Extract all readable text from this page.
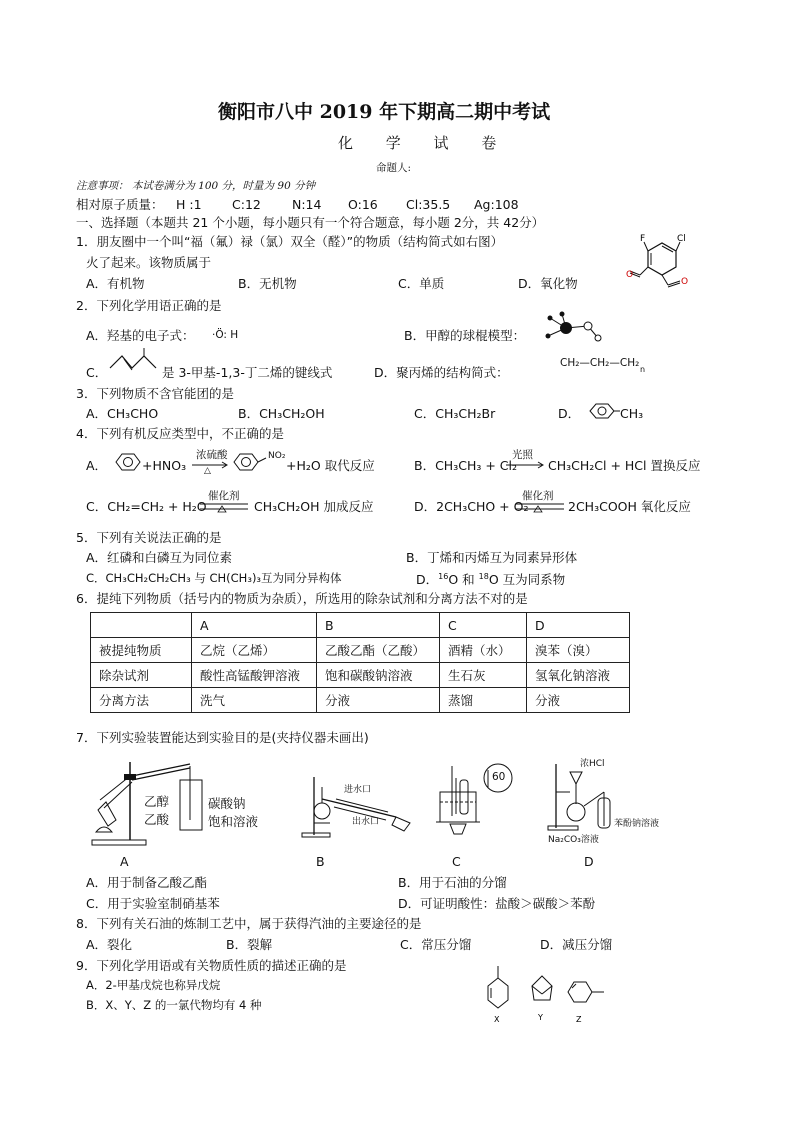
衡阳市八中 2019 年下期高二期中考试
化 学 试 卷
命题人:
注意事项： 本试卷满分为 100 分，时量为 90 分钟
相对原子质量： H :1 C:12 N:14 O:16 Cl:35.5 Ag:108
一、选择题（本题共 21 个小题，每小题只有一个符合题意，每小题 2分，共 42分）
1．朋友圈中一个叫“福（氟）禄（氯）双全（醛）”的物质（结构简式如右图）
火了起来。该物质属于
A．有机物	B．无机物	C．单质	D．氧化物
O
O
F	Cl
2．下列化学用语正确的是
A．羟基的电子式： ·Ö: H	B．甲醇的球棍模型：
C．	是 3-甲基-1,3-丁二烯的键线式	D．聚丙烯的结构简式：
CH₂—CH₂—CH₂
n
3．下列物质不含官能团的是
A．CH₃CHO	B．CH₃CH₂OH	C．CH₃CH₂Br	D．	CH₃
4．下列有机反应类型中，不正确的是
A．	+HNO₃
浓硫酸
△
NO₂
+H₂O 取代反应	B．CH₃CH₃ + Cl₂
光照
CH₃CH₂Cl + HCl 置换反应
C．CH₂=CH₂ + H₂O
催化剂
CH₃CH₂OH 加成反应	D．2CH₃CHO + O₂
催化剂
2CH₃COOH 氧化反应
5．下列有关说法正确的是
A．红磷和白磷互为同位素	B．丁烯和丙烯互为同素异形体
C．CH₃CH₂CH₂CH₃ 与 CH(CH₃)₃互为同分异构体	D．$^{16}$O 和 $^{18}$O 互为同系物
6．提纯下列物质（括号内的物质为杂质），所选用的除杂试剂和分离方法不对的是
	A	B	C	D
被提纯物质	乙烷（乙烯）	乙酸乙酯（乙酸）	酒精（水）	溴苯（溴）
除杂试剂	酸性高锰酸钾溶液	饱和碳酸钠溶液	生石灰	氢氧化钠溶液
分离方法	洗气	分液	蒸馏	分液
7．下列实验装置能达到实验目的是(夹持仪器未画出)
乙醇
乙酸
碳酸钠
饱和溶液
A
进水口
出水口
B
60
C
浓HCl
苯酚钠溶液
Na₂CO₃溶液
D
A．用于制备乙酸乙酯	B．用于石油的分馏
C．用于实验室制硝基苯	D．可证明酸性：盐酸＞碳酸＞苯酚
8．下列有关石油的炼制工艺中，属于获得汽油的主要途径的是
A．裂化	B．裂解	C．常压分馏	D．减压分馏
9．下列化学用语或有关物质性质的描述正确的是
A．2-甲基戊烷也称异戊烷
B．X、Y、Z 的一氯代物均有 4 种
X	Y	Z
